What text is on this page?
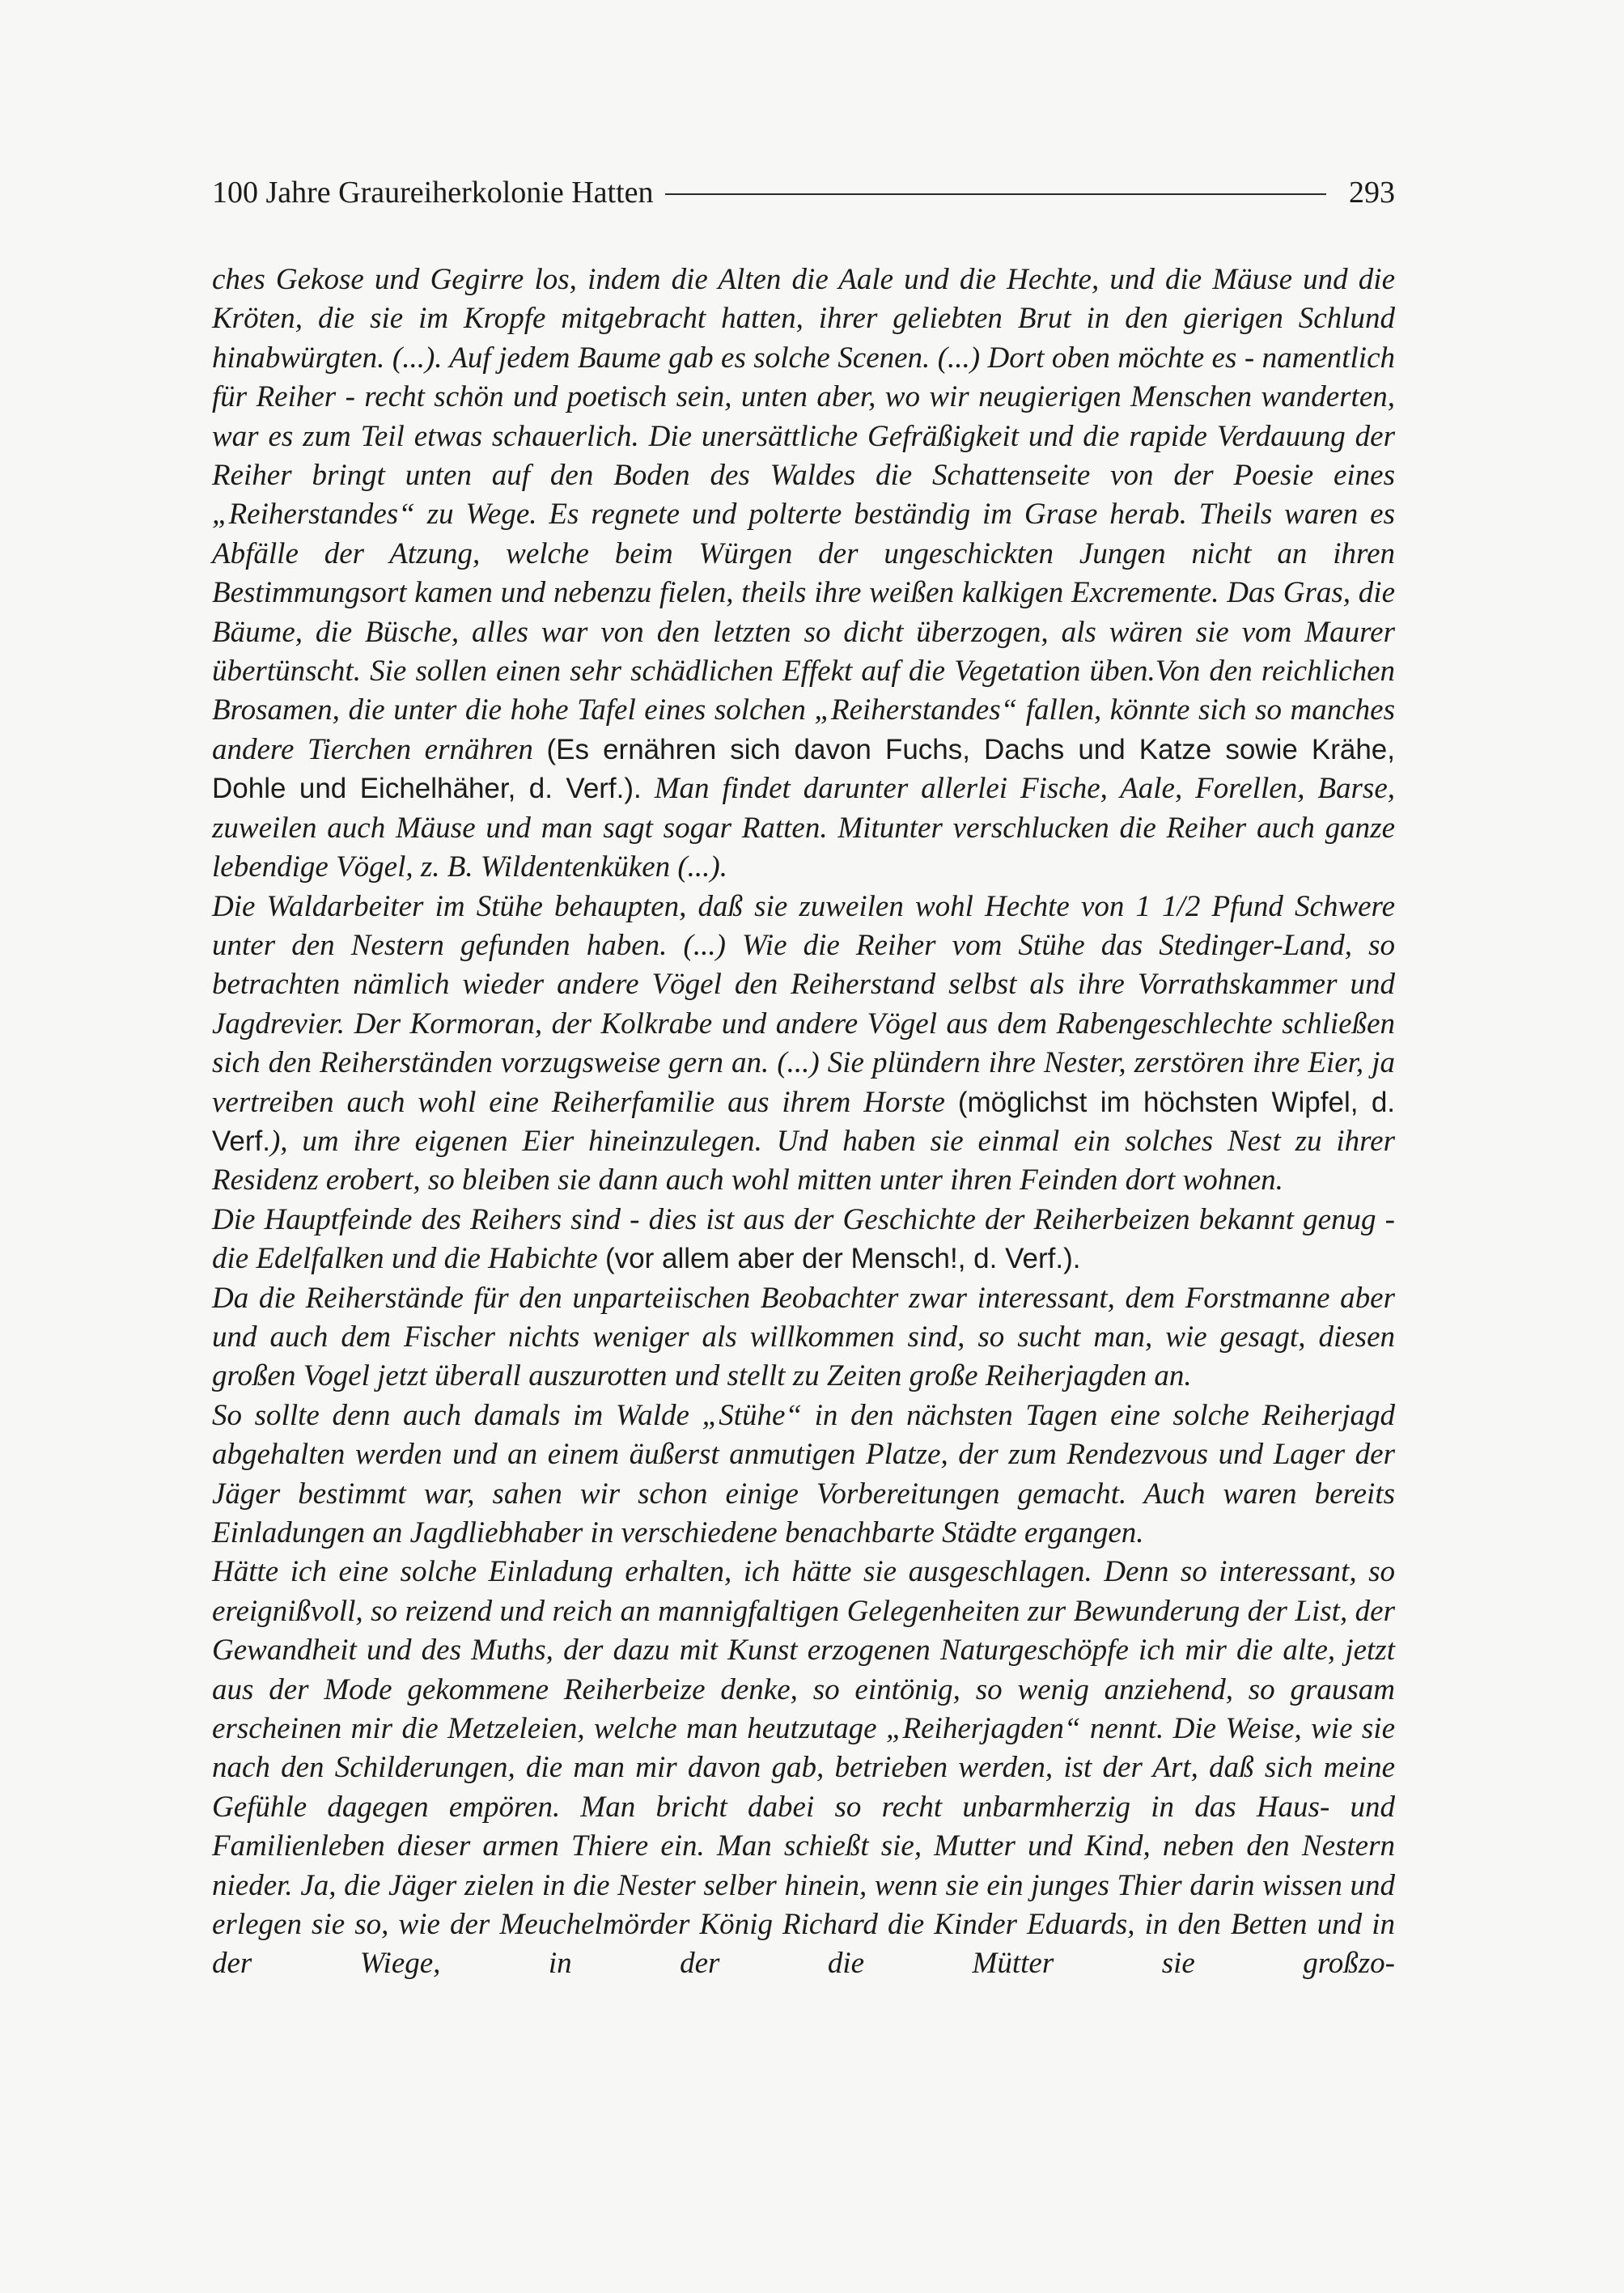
100 Jahre Graureiherkolonie Hatten	293

ches Gekose und Gegirre los, indem die Alten die Aale und die Hechte, und die Mäuse und die Kröten, die sie im Kropfe mitgebracht hatten, ihrer geliebten Brut in den gierigen Schlund hinabwürgten. (...). Auf jedem Baume gab es solche Scenen. (...) Dort oben möchte es - namentlich für Reiher - recht schön und poetisch sein, unten aber, wo wir neugierigen Menschen wanderten, war es zum Teil etwas schauerlich. Die unersättliche Gefräßigkeit und die rapide Verdauung der Reiher bringt unten auf den Boden des Waldes die Schattenseite von der Poesie eines „Reiherstandes“ zu Wege. Es regnete und polterte beständig im Grase herab. Theils waren es Abfälle der Atzung, welche beim Würgen der ungeschickten Jungen nicht an ihren Bestimmungsort kamen und nebenzu fielen, theils ihre weißen kalkigen Excremente. Das Gras, die Bäume, die Büsche, alles war von den letzten so dicht überzogen, als wären sie vom Maurer übertünscht. Sie sollen einen sehr schädlichen Effekt auf die Vegetation üben.Von den reichlichen Brosamen, die unter die hohe Tafel eines solchen „Reiherstandes“ fallen, könnte sich so manches andere Tierchen ernähren (Es ernähren sich davon Fuchs, Dachs und Katze sowie Krähe, Dohle und Eichelhäher, d. Verf.). Man findet darunter allerlei Fische, Aale, Forellen, Barse, zuweilen auch Mäuse und man sagt sogar Ratten. Mitunter verschlucken die Reiher auch ganze lebendige Vögel, z. B. Wildentenküken (...).

Die Waldarbeiter im Stühe behaupten, daß sie zuweilen wohl Hechte von 1 1/2 Pfund Schwere unter den Nestern gefunden haben. (...) Wie die Reiher vom Stühe das Stedinger-Land, so betrachten nämlich wieder andere Vögel den Reiherstand selbst als ihre Vorrathskammer und Jagdrevier. Der Kormoran, der Kolkrabe und andere Vögel aus dem Rabengeschlechte schließen sich den Reiherständen vorzugsweise gern an. (...) Sie plündern ihre Nester, zerstören ihre Eier, ja vertreiben auch wohl eine Reiherfamilie aus ihrem Horste (möglichst im höchsten Wipfel, d. Verf.), um ihre eigenen Eier hineinzulegen. Und haben sie einmal ein solches Nest zu ihrer Residenz erobert, so bleiben sie dann auch wohl mitten unter ihren Feinden dort wohnen.

Die Hauptfeinde des Reihers sind - dies ist aus der Geschichte der Reiherbeizen bekannt genug - die Edelfalken und die Habichte (vor allem aber der Mensch!, d. Verf.).

Da die Reiherstände für den unparteiischen Beobachter zwar interessant, dem Forstmanne aber und auch dem Fischer nichts weniger als willkommen sind, so sucht man, wie gesagt, diesen großen Vogel jetzt überall auszurotten und stellt zu Zeiten große Reiherjagden an.

So sollte denn auch damals im Walde „Stühe“ in den nächsten Tagen eine solche Reiherjagd abgehalten werden und an einem äußerst anmutigen Platze, der zum Rendezvous und Lager der Jäger bestimmt war, sahen wir schon einige Vorbereitungen gemacht. Auch waren bereits Einladungen an Jagdliebhaber in verschiedene benachbarte Städte ergangen.

Hätte ich eine solche Einladung erhalten, ich hätte sie ausgeschlagen. Denn so interessant, so ereignißvoll, so reizend und reich an mannigfaltigen Gelegenheiten zur Bewunderung der List, der Gewandheit und des Muths, der dazu mit Kunst erzogenen Naturgeschöpfe ich mir die alte, jetzt aus der Mode gekommene Reiherbeize denke, so eintönig, so wenig anziehend, so grausam erscheinen mir die Metzeleien, welche man heutzutage „Reiherjagden“ nennt. Die Weise, wie sie nach den Schilderungen, die man mir davon gab, betrieben werden, ist der Art, daß sich meine Gefühle dagegen empören. Man bricht dabei so recht unbarmherzig in das Haus- und Familienleben dieser armen Thiere ein. Man schießt sie, Mutter und Kind, neben den Nestern nieder. Ja, die Jäger zielen in die Nester selber hinein, wenn sie ein junges Thier darin wissen und erlegen sie so, wie der Meuchelmörder König Richard die Kinder Eduards, in den Betten und in der Wiege, in der die Mütter sie großzo-
